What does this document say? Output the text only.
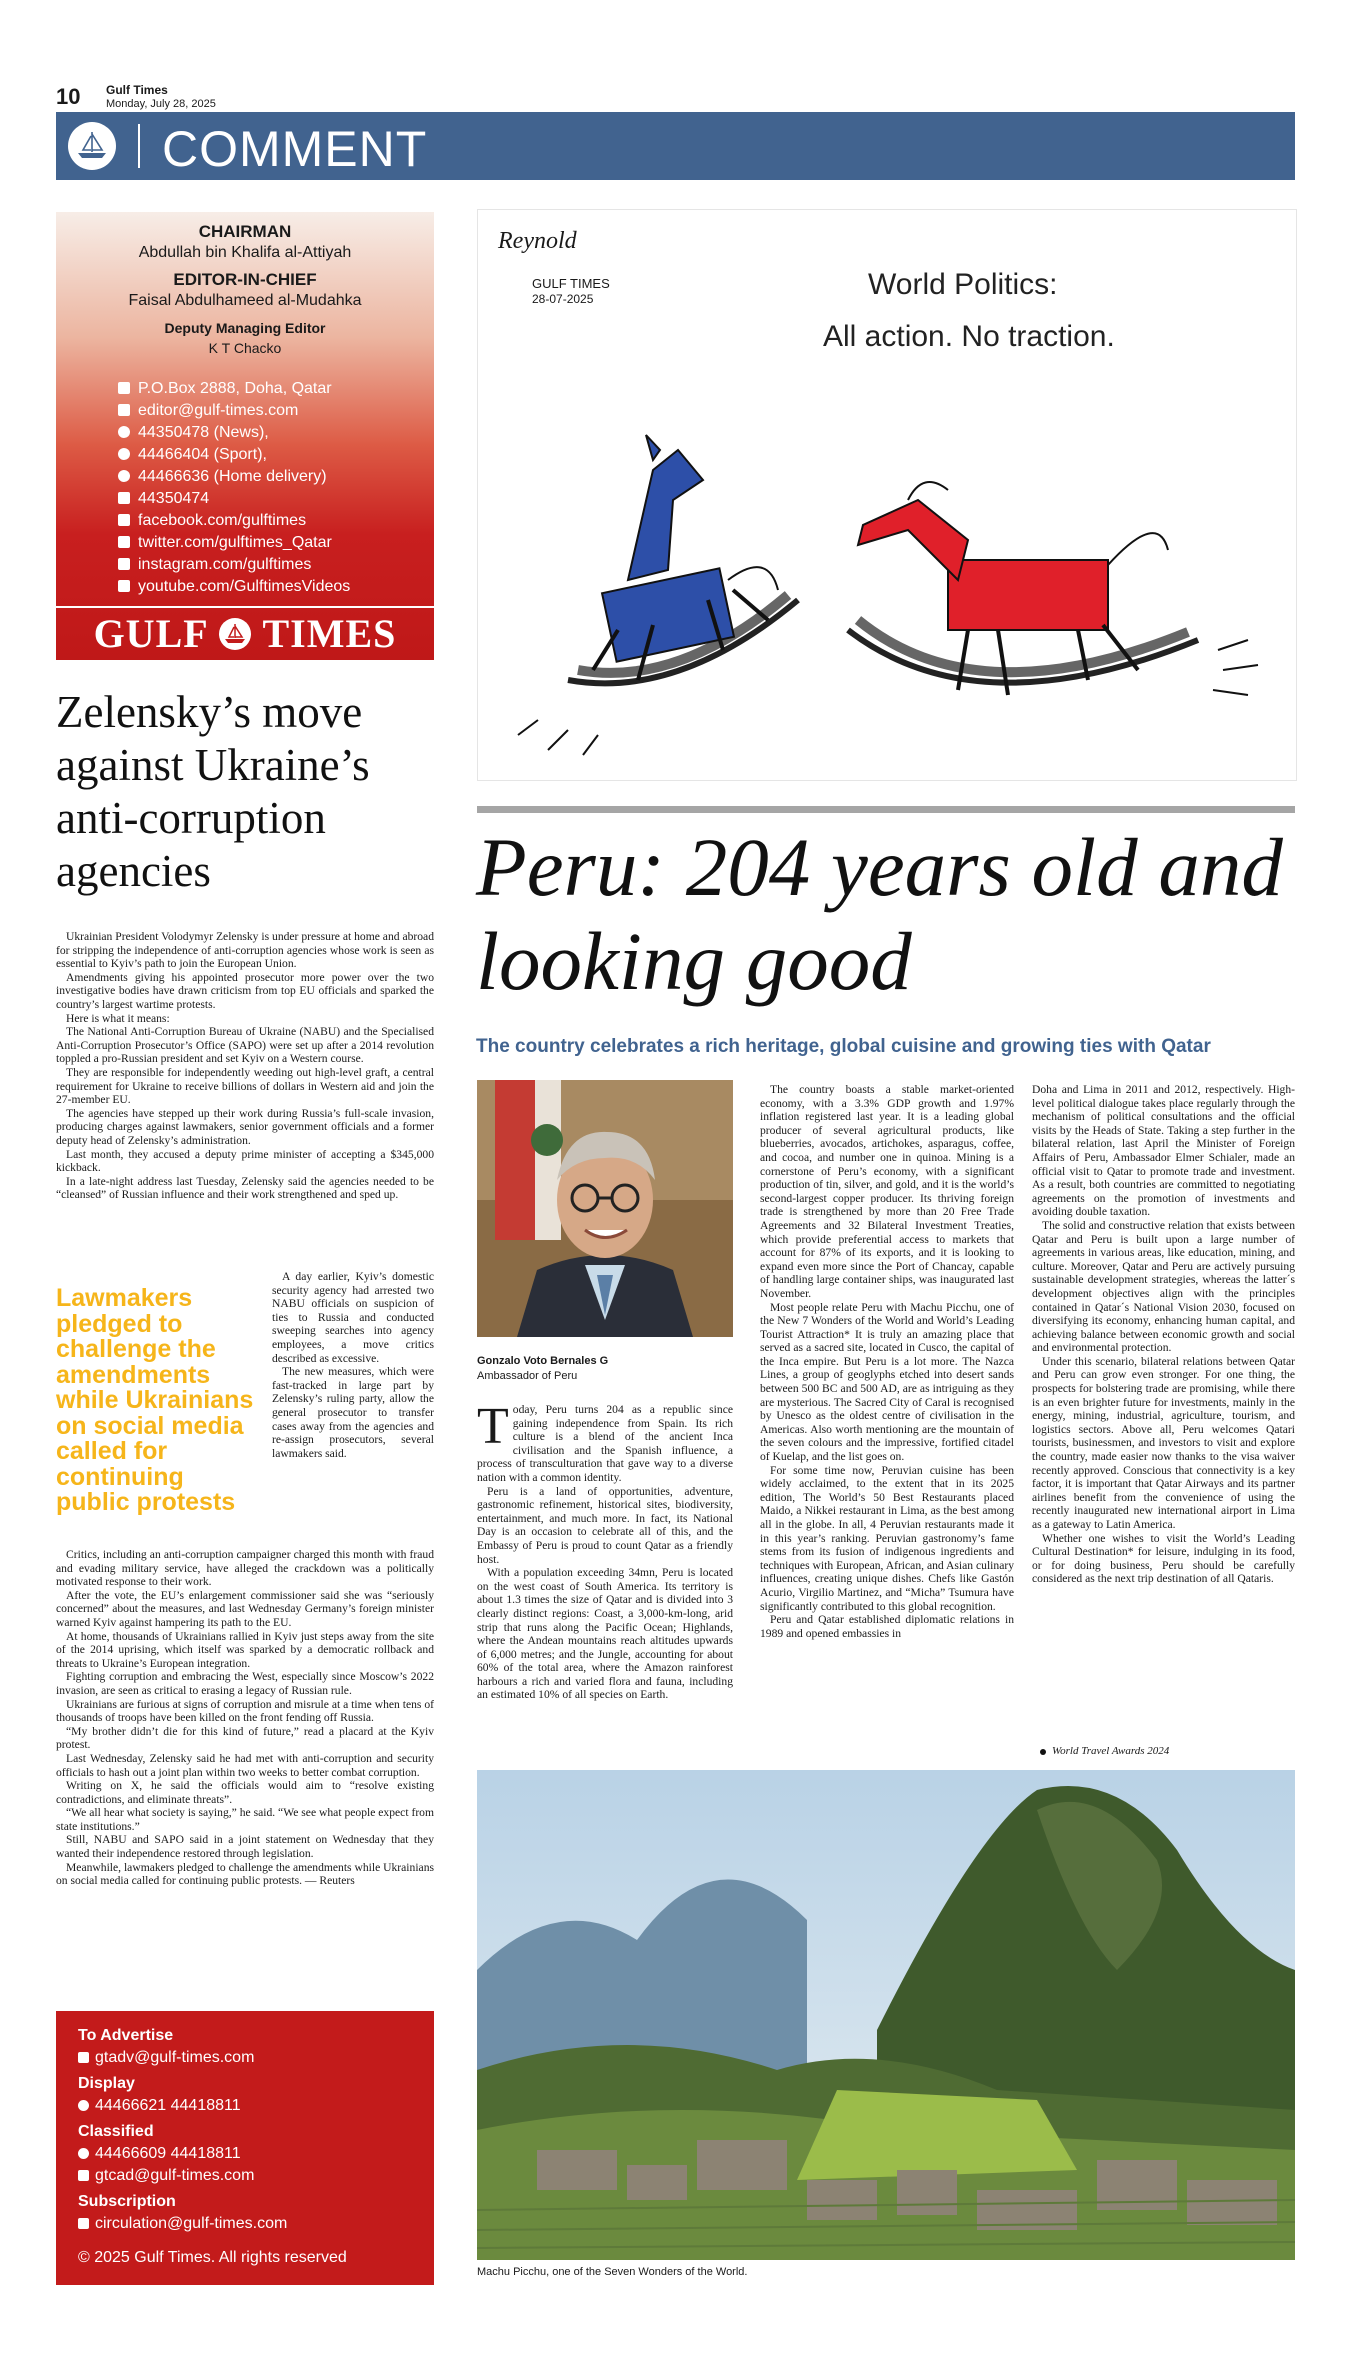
10 Gulf Times
Monday, July 28, 2025
COMMENT
CHAIRMAN
Abdullah bin Khalifa al-Attiyah
EDITOR-IN-CHIEF
Faisal Abdulhameed al-Mudahka
Deputy Managing Editor
K T Chacko
P.O.Box 2888, Doha, Qatar
editor@gulf-times.com
44350478 (News),
44466404 (Sport),
44466636 (Home delivery)
44350474
facebook.com/gulftimes
twitter.com/gulftimes_Qatar
instagram.com/gulftimes
youtube.com/GulftimesVideos
GULF TIMES
Zelensky’s move against Ukraine’s anti-corruption agencies

Ukrainian President Volodymyr Zelensky is under pressure at home and abroad for stripping the independence of anti-corruption agencies whose work is seen as essential to Kyiv’s path to join the European Union.

Amendments giving his appointed prosecutor more power over the two investigative bodies have drawn criticism from top EU officials and sparked the country’s largest wartime protests.

Here is what it means:

The National Anti-Corruption Bureau of Ukraine (NABU) and the Specialised Anti-Corruption Prosecutor’s Office (SAPO) were set up after a 2014 revolution toppled a pro-Russian president and set Kyiv on a Western course.

They are responsible for independently weeding out high-level graft, a central requirement for Ukraine to receive billions of dollars in Western aid and join the 27-member EU.

The agencies have stepped up their work during Russia’s full-scale invasion, producing charges against lawmakers, senior government officials and a former deputy head of Zelensky’s administration.

Last month, they accused a deputy prime minister of accepting a $345,000 kickback.

In a late-night address last Tuesday, Zelensky said the agencies needed to be “cleansed” of Russian influence and their work strengthened and sped up.

Lawmakers pledged to challenge the amendments while Ukrainians on social media called for continuing public protests

A day earlier, Kyiv’s domestic security agency had arrested two NABU officials on suspicion of ties to Russia and conducted sweeping searches into agency employees, a move critics described as excessive.

The new measures, which were fast-tracked in large part by Zelensky’s ruling party, allow the general prosecutor to transfer cases away from the agencies and re-assign prosecutors, several lawmakers said.

Critics, including an anti-corruption campaigner charged this month with fraud and evading military service, have alleged the crackdown was a politically motivated response to their work.

After the vote, the EU’s enlargement commissioner said she was “seriously concerned” about the measures, and last Wednesday Germany’s foreign minister warned Kyiv against hampering its path to the EU.

At home, thousands of Ukrainians rallied in Kyiv just steps away from the site of the 2014 uprising, which itself was sparked by a democratic rollback and threats to Ukraine’s European integration.

Fighting corruption and embracing the West, especially since Moscow’s 2022 invasion, are seen as critical to erasing a legacy of Russian rule.

Ukrainians are furious at signs of corruption and misrule at a time when tens of thousands of troops have been killed on the front fending off Russia.

“My brother didn’t die for this kind of future,” read a placard at the Kyiv protest.

Last Wednesday, Zelensky said he had met with anti-corruption and security officials to hash out a joint plan within two weeks to better combat corruption.

Writing on X, he said the officials would aim to “resolve existing contradictions, and eliminate threats”.

“We all hear what society is saying,” he said. “We see what people expect from state institutions.”

Still, NABU and SAPO said in a joint statement on Wednesday that they wanted their independence restored through legislation.

Meanwhile, lawmakers pledged to challenge the amendments while Ukrainians on social media called for continuing public protests. — Reuters

To Advertise
gtadv@gulf-times.com
Display
44466621 44418811
Classified
44466609 44418811
gtcad@gulf-times.com
Subscription
circulation@gulf-times.com
© 2025 Gulf Times. All rights reserved
Reynold
GULF TIMES
28-07-2025	World Politics:
All action. No traction.
Peru: 204 years old and looking good
The country celebrates a rich heritage, global cuisine and growing ties with Qatar
Gonzalo Voto Bernales G
Ambassador of Peru

Today, Peru turns 204 as a republic since gaining independence from Spain. Its rich culture is a blend of the ancient Inca civilisation and the Spanish influence, a process of transculturation that gave way to a diverse nation with a common identity.

Peru is a land of opportunities, adventure, gastronomic refinement, historical sites, biodiversity, entertainment, and much more. In fact, its National Day is an occasion to celebrate all of this, and the Embassy of Peru is proud to count Qatar as a friendly host.

With a population exceeding 34mn, Peru is located on the west coast of South America. Its territory is about 1.3 times the size of Qatar and is divided into 3 clearly distinct regions: Coast, a 3,000-km-long, arid strip that runs along the Pacific Ocean; Highlands, where the Andean mountains reach altitudes upwards of 6,000 metres; and the Jungle, accounting for about 60% of the total area, where the Amazon rainforest harbours a rich and varied flora and fauna, including an estimated 10% of all species on Earth.

The country boasts a stable market-oriented economy, with a 3.3% GDP growth and 1.97% inflation registered last year. It is a leading global producer of several agricultural products, like blueberries, avocados, artichokes, asparagus, coffee, and cocoa, and number one in quinoa. Mining is a cornerstone of Peru’s economy, with a significant production of tin, silver, and gold, and it is the world’s second-largest copper producer. Its thriving foreign trade is strengthened by more than 20 Free Trade Agreements and 32 Bilateral Investment Treaties, which provide preferential access to markets that account for 87% of its exports, and it is looking to expand even more since the Port of Chancay, capable of handling large container ships, was inaugurated last November.

Most people relate Peru with Machu Picchu, one of the New 7 Wonders of the World and World’s Leading Tourist Attraction* It is truly an amazing place that served as a sacred site, located in Cusco, the capital of the Inca empire. But Peru is a lot more. The Nazca Lines, a group of geoglyphs etched into desert sands between 500 BC and 500 AD, are as intriguing as they are mysterious. The Sacred City of Caral is recognised by Unesco as the oldest centre of civilisation in the Americas. Also worth mentioning are the mountain of the seven colours and the impressive, fortified citadel of Kuelap, and the list goes on.

For some time now, Peruvian cuisine has been widely acclaimed, to the extent that in its 2025 edition, The World’s 50 Best Restaurants placed Maido, a Nikkei restaurant in Lima, as the best among all in the globe. In all, 4 Peruvian restaurants made it in this year’s ranking. Peruvian gastronomy’s fame stems from its fusion of indigenous ingredients and techniques with European, African, and Asian culinary influences, creating unique dishes. Chefs like Gastón Acurio, Virgilio Martinez, and “Micha” Tsumura have significantly contributed to this global recognition.

Peru and Qatar established diplomatic relations in 1989 and opened embassies in

Doha and Lima in 2011 and 2012, respectively. High-level political dialogue takes place regularly through the mechanism of political consultations and the official visits by the Heads of State. Taking a step further in the bilateral relation, last April the Minister of Foreign Affairs of Peru, Ambassador Elmer Schialer, made an official visit to Qatar to promote trade and investment. As a result, both countries are committed to negotiating agreements on the promotion of investments and avoiding double taxation.

The solid and constructive relation that exists between Qatar and Peru is built upon a large number of agreements in various areas, like education, mining, and culture. Moreover, Qatar and Peru are actively pursuing sustainable development strategies, whereas the latter´s development objectives align with the principles contained in Qatar´s National Vision 2030, focused on diversifying its economy, enhancing human capital, and achieving balance between economic growth and social and environmental protection.

Under this scenario, bilateral relations between Qatar and Peru can grow even stronger. For one thing, the prospects for bolstering trade are promising, while there is an even brighter future for investments, mainly in the energy, mining, industrial, agriculture, tourism, and logistics sectors. Above all, Peru welcomes Qatari tourists, businessmen, and investors to visit and explore the country, made easier now thanks to the visa waiver recently approved. Conscious that connectivity is a key factor, it is important that Qatar Airways and its partner airlines benefit from the convenience of using the recently inaugurated new international airport in Lima as a gateway to Latin America.

Whether one wishes to visit the World’s Leading Cultural Destination* for leisure, indulging in its food, or for doing business, Peru should be carefully considered as the next trip destination of all Qataris.

World Travel Awards 2024
Machu Picchu, one of the Seven Wonders of the World.
